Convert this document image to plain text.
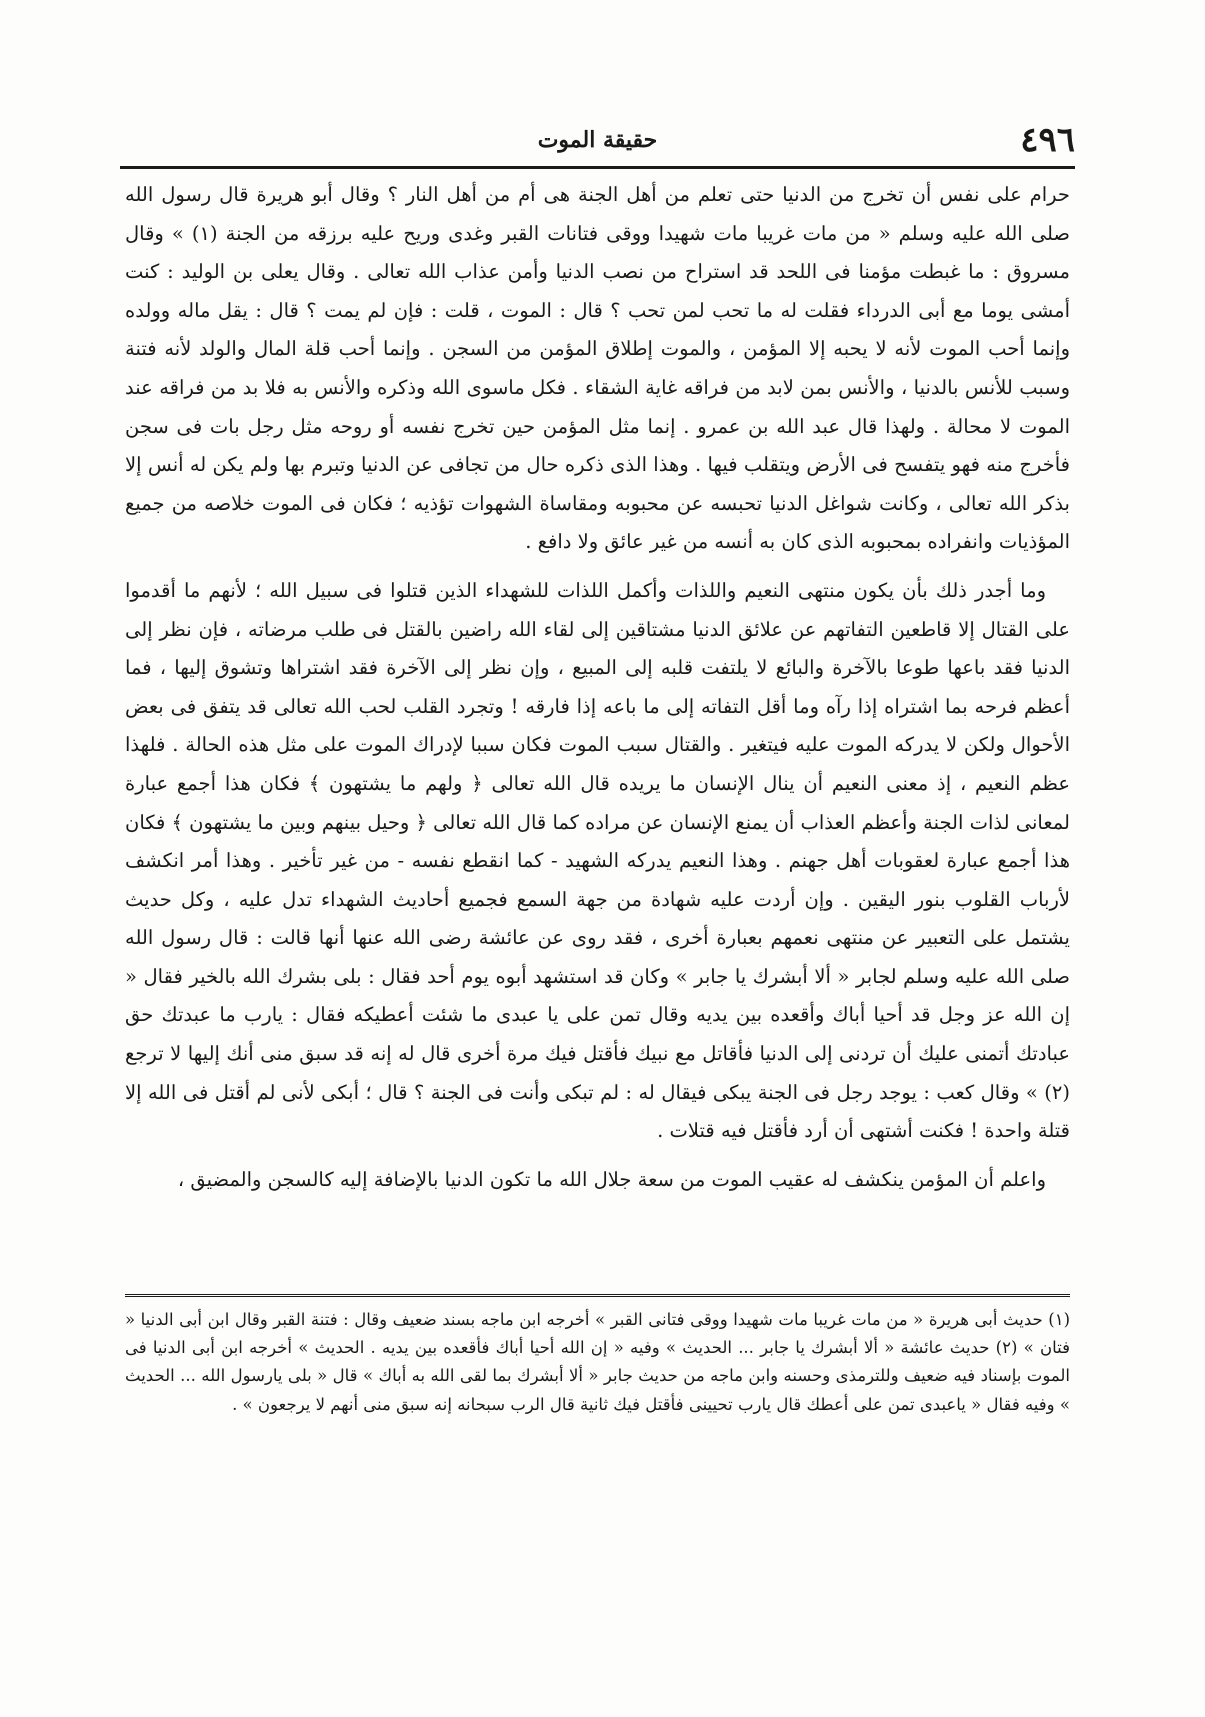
٤٩٦
حقيقة الموت

حرام على نفس أن تخرج من الدنيا حتى تعلم من أهل الجنة هى أم من أهل النار ؟ وقال أبو هريرة قال رسول الله صلى الله عليه وسلم « من مات غريبا مات شهيدا ووقى فتانات القبر وغدى وريح عليه برزقه من الجنة (١) » وقال مسروق : ما غبطت مؤمنا فى اللحد قد استراح من نصب الدنيا وأمن عذاب الله تعالى . وقال يعلى بن الوليد : كنت أمشى يوما مع أبى الدرداء فقلت له ما تحب لمن تحب ؟ قال : الموت ، قلت : فإن لم يمت ؟ قال : يقل ماله وولده وإنما أحب الموت لأنه لا يحبه إلا المؤمن ، والموت إطلاق المؤمن من السجن . وإنما أحب قلة المال والولد لأنه فتنة وسبب للأنس بالدنيا ، والأنس بمن لابد من فراقه غاية الشقاء . فكل ماسوى الله وذكره والأنس به فلا بد من فراقه عند الموت لا محالة . ولهذا قال عبد الله بن عمرو . إنما مثل المؤمن حين تخرج نفسه أو روحه مثل رجل بات فى سجن فأخرج منه فهو يتفسح فى الأرض ويتقلب فيها . وهذا الذى ذكره حال من تجافى عن الدنيا وتبرم بها ولم يكن له أنس إلا بذكر الله تعالى ، وكانت شواغل الدنيا تحبسه عن محبوبه ومقاساة الشهوات تؤذيه ؛ فكان فى الموت خلاصه من جميع المؤذيات وانفراده بمحبوبه الذى كان به أنسه من غير عائق ولا دافع .

وما أجدر ذلك بأن يكون منتهى النعيم واللذات وأكمل اللذات للشهداء الذين قتلوا فى سبيل الله ؛ لأنهم ما أقدموا على القتال إلا قاطعين التفاتهم عن علائق الدنيا مشتاقين إلى لقاء الله راضين بالقتل فى طلب مرضاته ، فإن نظر إلى الدنيا فقد باعها طوعا بالآخرة والبائع لا يلتفت قلبه إلى المبيع ، وإن نظر إلى الآخرة فقد اشتراها وتشوق إليها ، فما أعظم فرحه بما اشتراه إذا رآه وما أقل التفاته إلى ما باعه إذا فارقه ! وتجرد القلب لحب الله تعالى قد يتفق فى بعض الأحوال ولكن لا يدركه الموت عليه فيتغير . والقتال سبب الموت فكان سببا لإدراك الموت على مثل هذه الحالة . فلهذا عظم النعيم ، إذ معنى النعيم أن ينال الإنسان ما يريده قال الله تعالى ﴿ ولهم ما يشتهون ﴾ فكان هذا أجمع عبارة لمعانى لذات الجنة وأعظم العذاب أن يمنع الإنسان عن مراده كما قال الله تعالى ﴿ وحيل بينهم وبين ما يشتهون ﴾ فكان هذا أجمع عبارة لعقوبات أهل جهنم . وهذا النعيم يدركه الشهيد - كما انقطع نفسه - من غير تأخير . وهذا أمر انكشف لأرباب القلوب بنور اليقين . وإن أردت عليه شهادة من جهة السمع فجميع أحاديث الشهداء تدل عليه ، وكل حديث يشتمل على التعبير عن منتهى نعمهم بعبارة أخرى ، فقد روى عن عائشة رضى الله عنها أنها قالت : قال رسول الله صلى الله عليه وسلم لجابر « ألا أبشرك يا جابر » وكان قد استشهد أبوه يوم أحد فقال : بلى بشرك الله بالخير فقال « إن الله عز وجل قد أحيا أباك وأقعده بين يديه وقال تمن على يا عبدى ما شئت أعطيكه فقال : يارب ما عبدتك حق عبادتك أتمنى عليك أن تردنى إلى الدنيا فأقاتل مع نبيك فأقتل فيك مرة أخرى قال له إنه قد سبق منى أنك إليها لا ترجع (٢) » وقال كعب : يوجد رجل فى الجنة يبكى فيقال له : لم تبكى وأنت فى الجنة ؟ قال ؛ أبكى لأنى لم أقتل فى الله إلا قتلة واحدة ! فكنت أشتهى أن أرد فأقتل فيه قتلات .

واعلم أن المؤمن ينكشف له عقيب الموت من سعة جلال الله ما تكون الدنيا بالإضافة إليه كالسجن والمضيق ،

(١) حديث أبى هريرة « من مات غريبا مات شهيدا ووقى فتانى القبر » أخرجه ابن ماجه بسند ضعيف وقال : فتنة القبر وقال ابن أبى الدنيا « فتان » (٢) حديث عائشة « ألا أبشرك يا جابر ... الحديث » وفيه « إن الله أحيا أباك فأقعده بين يديه . الحديث » أخرجه ابن أبى الدنيا فى الموت بإسناد فيه ضعيف وللترمذى وحسنه وابن ماجه من حديث جابر « ألا أبشرك بما لقى الله به أباك » قال « بلى يارسول الله ... الحديث » وفيه فقال « ياعبدى تمن على أعطك قال يارب تحيينى فأقتل فيك ثانية قال الرب سبحانه إنه سبق منى أنهم لا يرجعون » .
